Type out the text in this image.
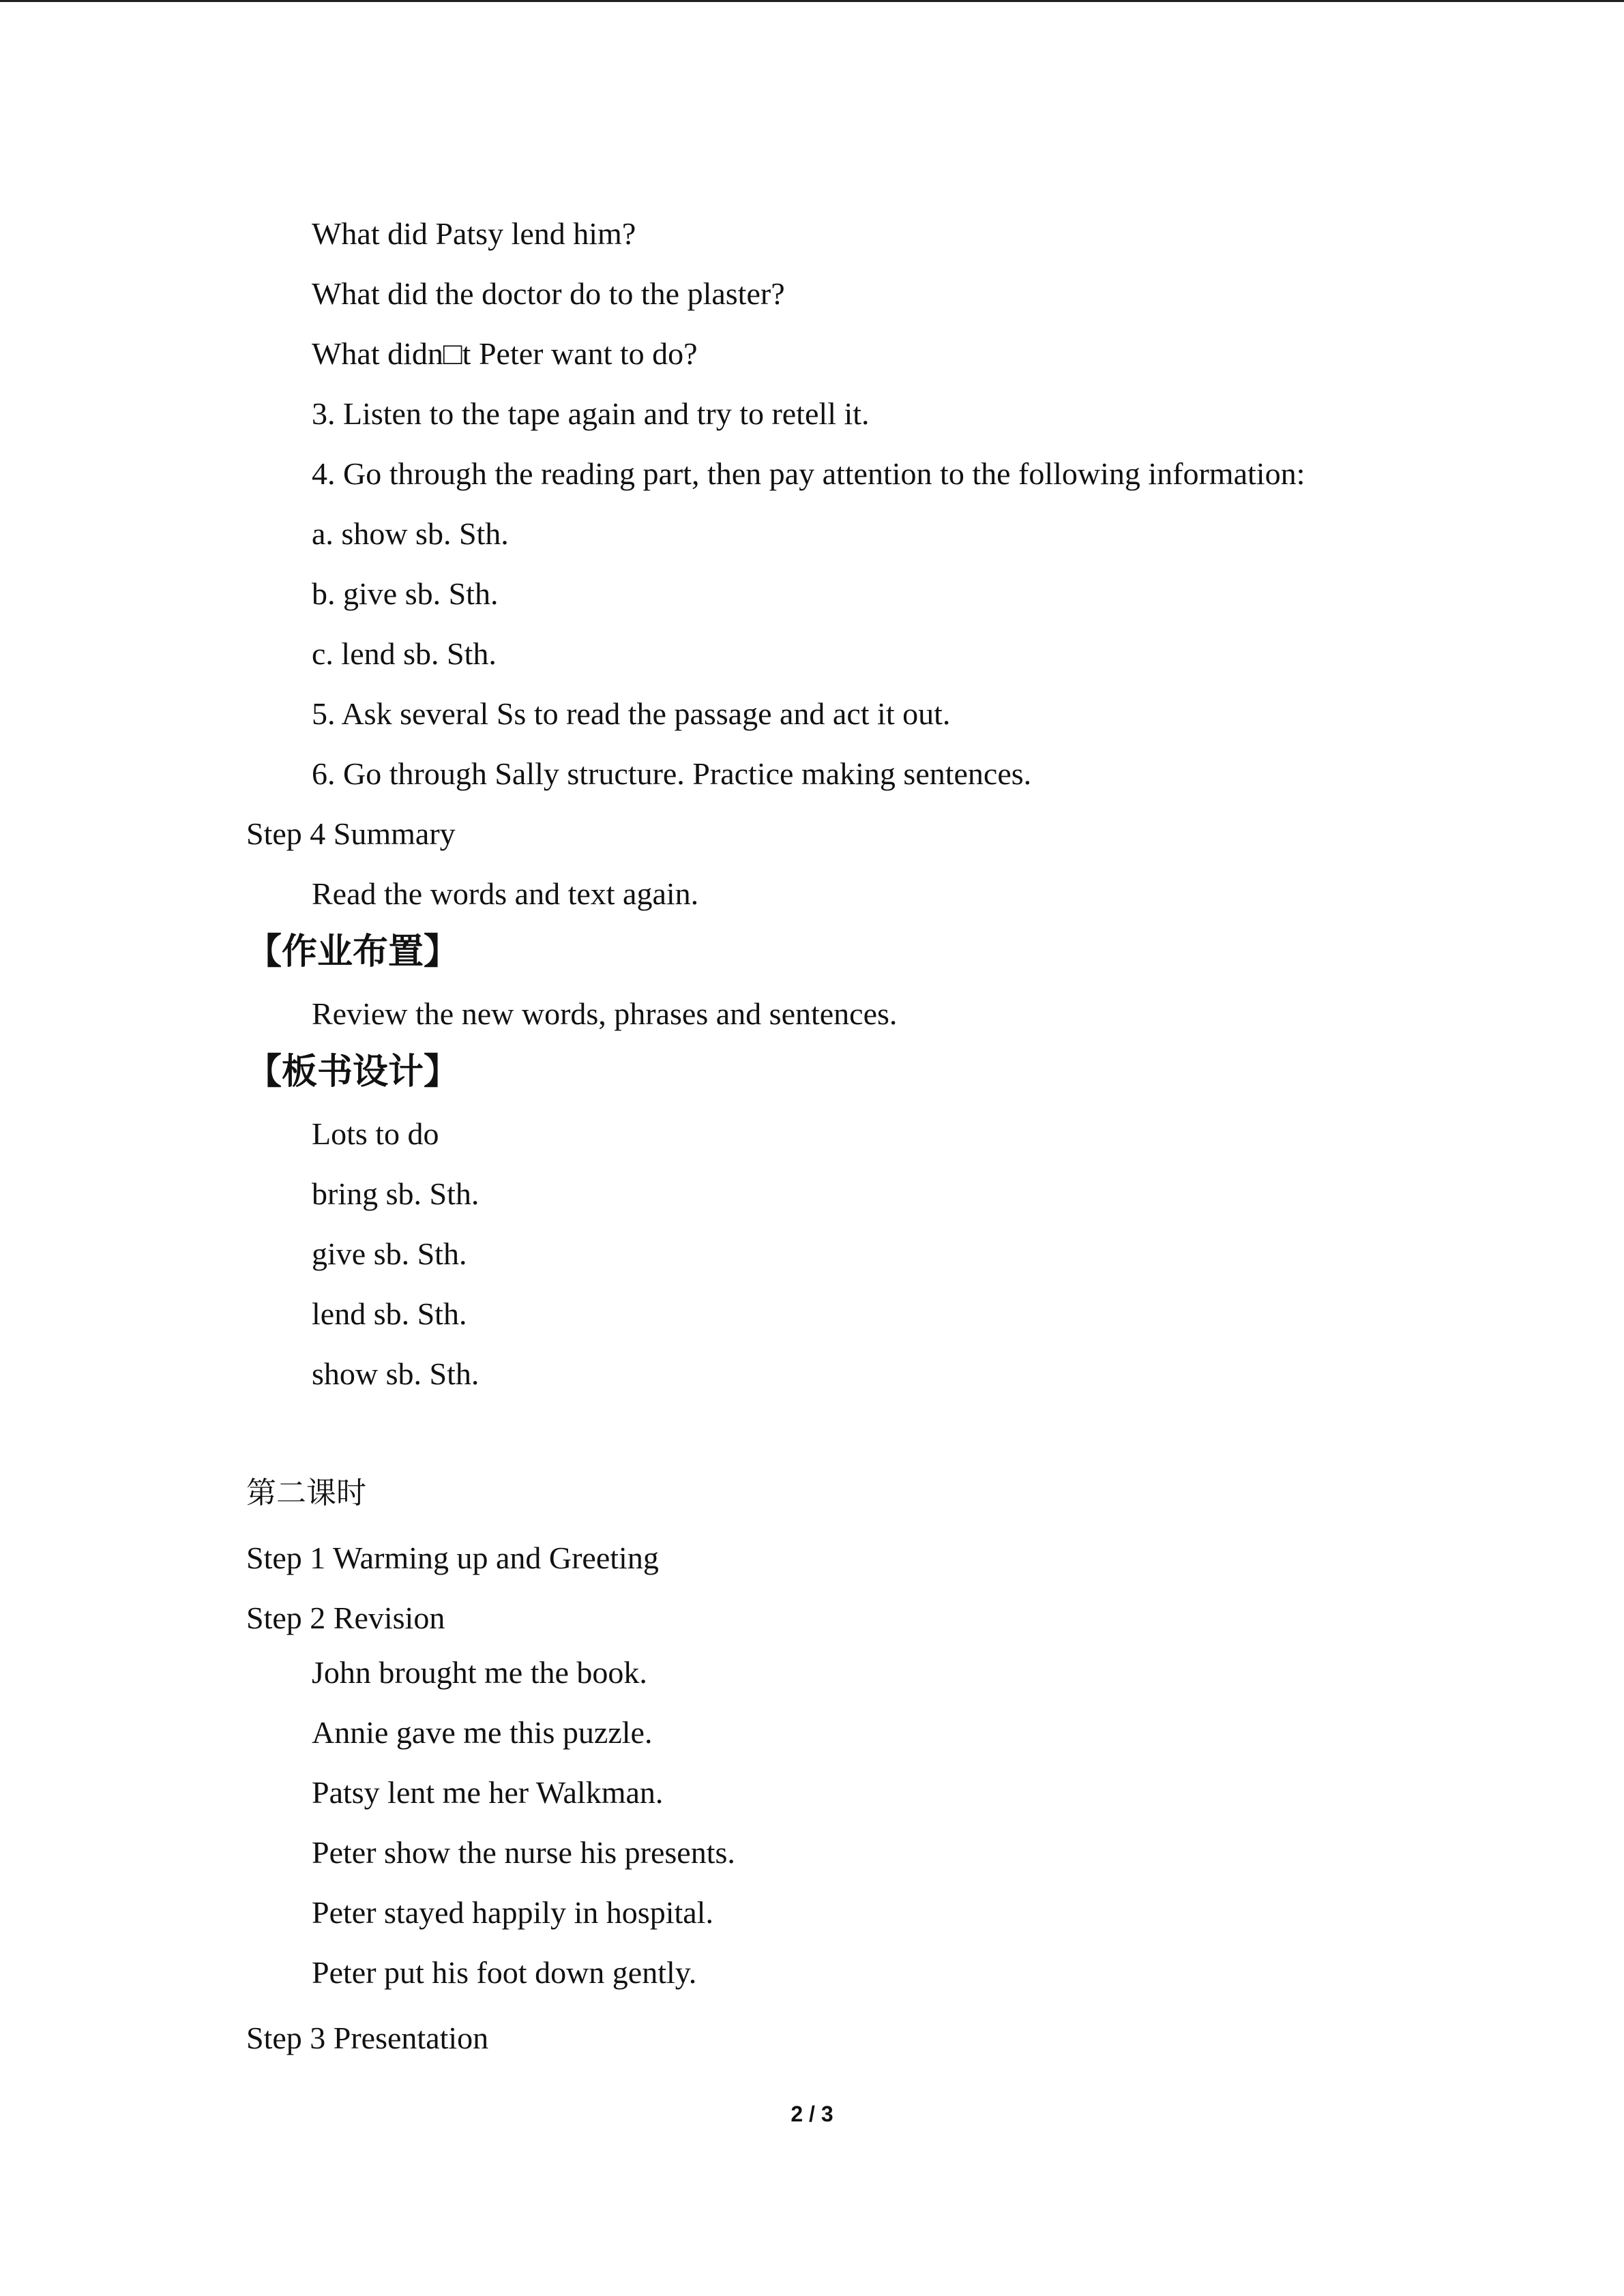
What did Patsy lend him?
What did the doctor do to the plaster?
What didn□t Peter want to do?
3. Listen to the tape again and try to retell it.
4. Go through the reading part, then pay attention to the following information:
a. show sb. Sth.
b. give sb. Sth.
c. lend sb. Sth.
5. Ask several Ss to read the passage and act it out.
6. Go through Sally structure. Practice making sentences.
Step 4 Summary
Read the words and text again.
【作业布置】
Review the new words, phrases and sentences.
【板书设计】
Lots to do
bring sb. Sth.
give sb. Sth.
lend sb. Sth.
show sb. Sth.
第二课时
Step 1 Warming up and Greeting
Step 2 Revision
John brought me the book.
Annie gave me this puzzle.
Patsy lent me her Walkman.
Peter show the nurse his presents.
Peter stayed happily in hospital.
Peter put his foot down gently.
Step 3 Presentation
2 / 3
